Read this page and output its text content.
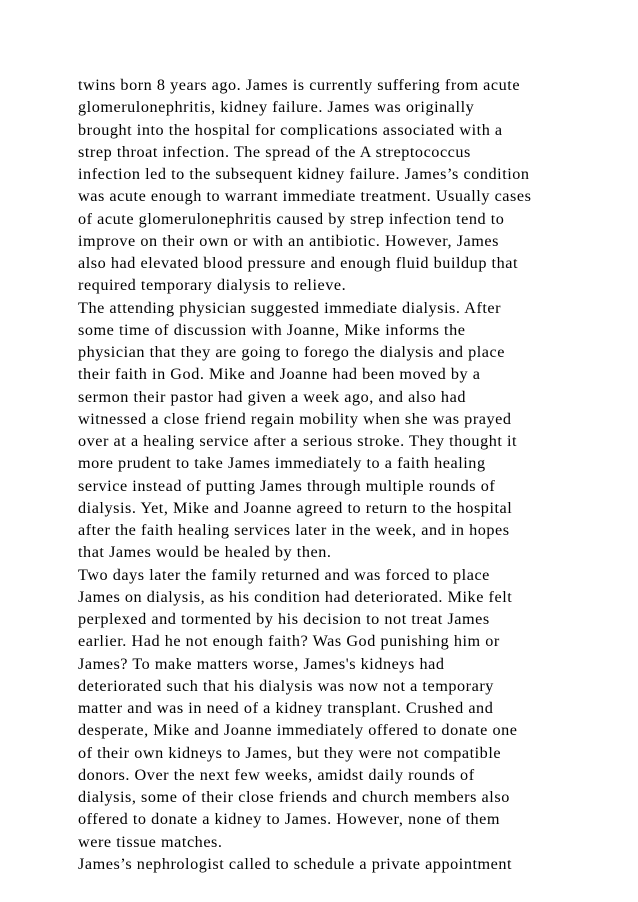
twins born 8 years ago. James is currently suffering from acute
glomerulonephritis, kidney failure. James was originally
brought into the hospital for complications associated with a
strep throat infection. The spread of the A streptococcus
infection led to the subsequent kidney failure. James’s condition
was acute enough to warrant immediate treatment. Usually cases
of acute glomerulonephritis caused by strep infection tend to
improve on their own or with an antibiotic. However, James
also had elevated blood pressure and enough fluid buildup that
required temporary dialysis to relieve.
The attending physician suggested immediate dialysis. After
some time of discussion with Joanne, Mike informs the
physician that they are going to forego the dialysis and place
their faith in God. Mike and Joanne had been moved by a
sermon their pastor had given a week ago, and also had
witnessed a close friend regain mobility when she was prayed
over at a healing service after a serious stroke. They thought it
more prudent to take James immediately to a faith healing
service instead of putting James through multiple rounds of
dialysis. Yet, Mike and Joanne agreed to return to the hospital
after the faith healing services later in the week, and in hopes
that James would be healed by then.
Two days later the family returned and was forced to place
James on dialysis, as his condition had deteriorated. Mike felt
perplexed and tormented by his decision to not treat James
earlier. Had he not enough faith? Was God punishing him or
James? To make matters worse, James's kidneys had
deteriorated such that his dialysis was now not a temporary
matter and was in need of a kidney transplant. Crushed and
desperate, Mike and Joanne immediately offered to donate one
of their own kidneys to James, but they were not compatible
donors. Over the next few weeks, amidst daily rounds of
dialysis, some of their close friends and church members also
offered to donate a kidney to James. However, none of them
were tissue matches.
James’s nephrologist called to schedule a private appointment
